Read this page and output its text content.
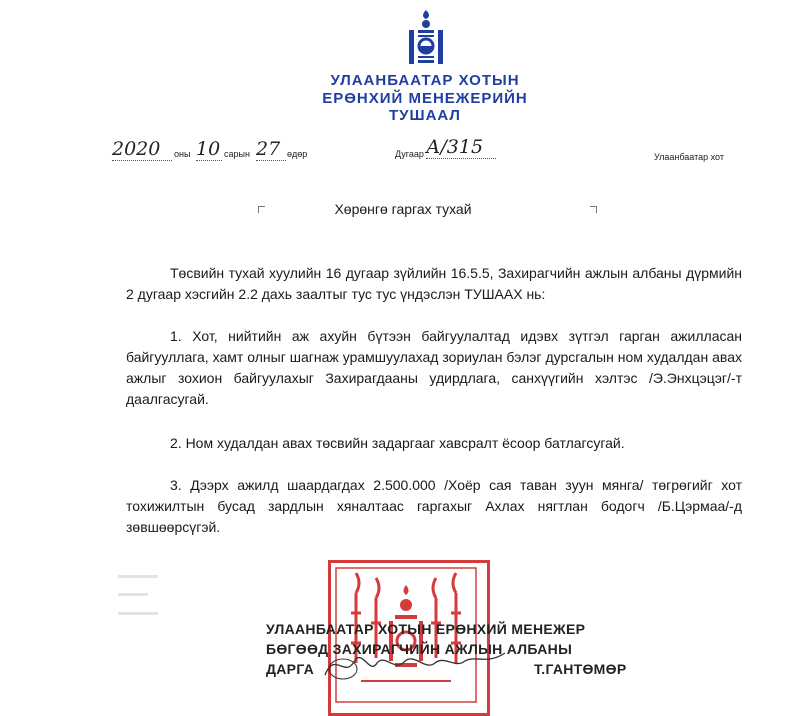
УЛААНБААТАР ХОТЫН
ЕРӨНХИЙ МЕНЕЖЕРИЙН
ТУШААЛ
2020	оны 10 сарын 27 өдөр	Дугаар А/315	Улаанбаатар хот
Хөрөнгө гаргах тухай
Төсвийн тухай хуулийн 16 дугаар зүйлийн 16.5.5, Захирагчийн ажлын албаны дүрмийн 2 дугаар хэсгийн 2.2 дахь заалтыг тус тус үндэслэн ТУШААХ нь:
1. Хот, нийтийн аж ахуйн бүтээн байгуулалтад идэвх зүтгэл гарган ажилласан байгууллага, хамт олныг шагнаж урамшуулахад зориулан бэлэг дурсгалын ном худалдан авах ажлыг зохион байгуулахыг Захирагдааны удирдлага, санхүүгийн хэлтэс /Э.Энхцэцэг/-т даалгасугай.
2. Ном худалдан авах төсвийн задаргааг хавсралт ёсоор батлагсугай.
3. Дээрх ажилд шаардагдах 2.500.000 /Хоёр сая таван зуун мянга/ төгрөгийг хот тохижилтын бусад зардлын хяналтаас гаргахыг Ахлах нягтлан бодогч /Б.Цэрмаа/-д зөвшөөрсүгэй.
УЛААНБААТАР ХОТЫН ЕРӨНХИЙ МЕНЕЖЕР
БӨГӨӨД ЗАХИРАГЧИЙН АЖЛЫН АЛБАНЫ
ДАРГА	Т.ГАНТӨМӨР
